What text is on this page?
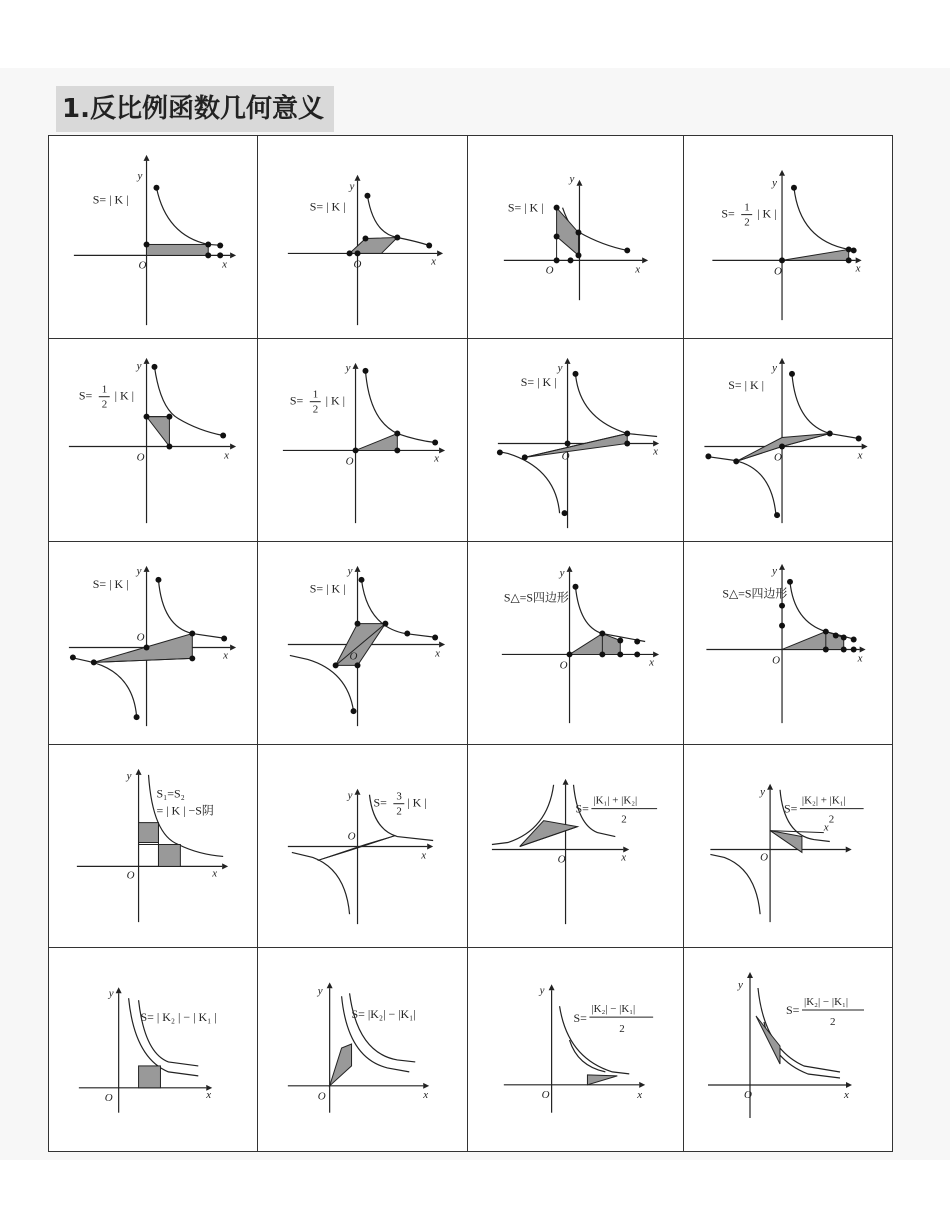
1.反比例函数几何意义
O	x
y
S= | K |
O	x
y
S= | K |
O	x
y
S= | K |
O	x
y
S= 1
2
| K |
O	x
y
S= 1
2
| K |
O	x
y
S= 1
2
| K |
O	x
y
S= | K |
O	x
y
S= | K |
O
x
y
S= | K |
O	x
y
S= | K |
O	x
y
S△=S四边形
O	x
y
S△=S四边形
O	x
y
S₁=S₂
= | K | −S阴
O
x
y S= 3
2
| K |
O	x
S=
|K₁| + |K₂|
2
O
x
y
S=
|K₂| + |K₁|
2
O	x
y
S= | K₂ | − | K₁ |
O	x
y
S= |K₂| − |K₁|
O	x
y
S=
|K₂| − |K₁|
2
O	x
y
S=
|K₂| − |K₁|
2
